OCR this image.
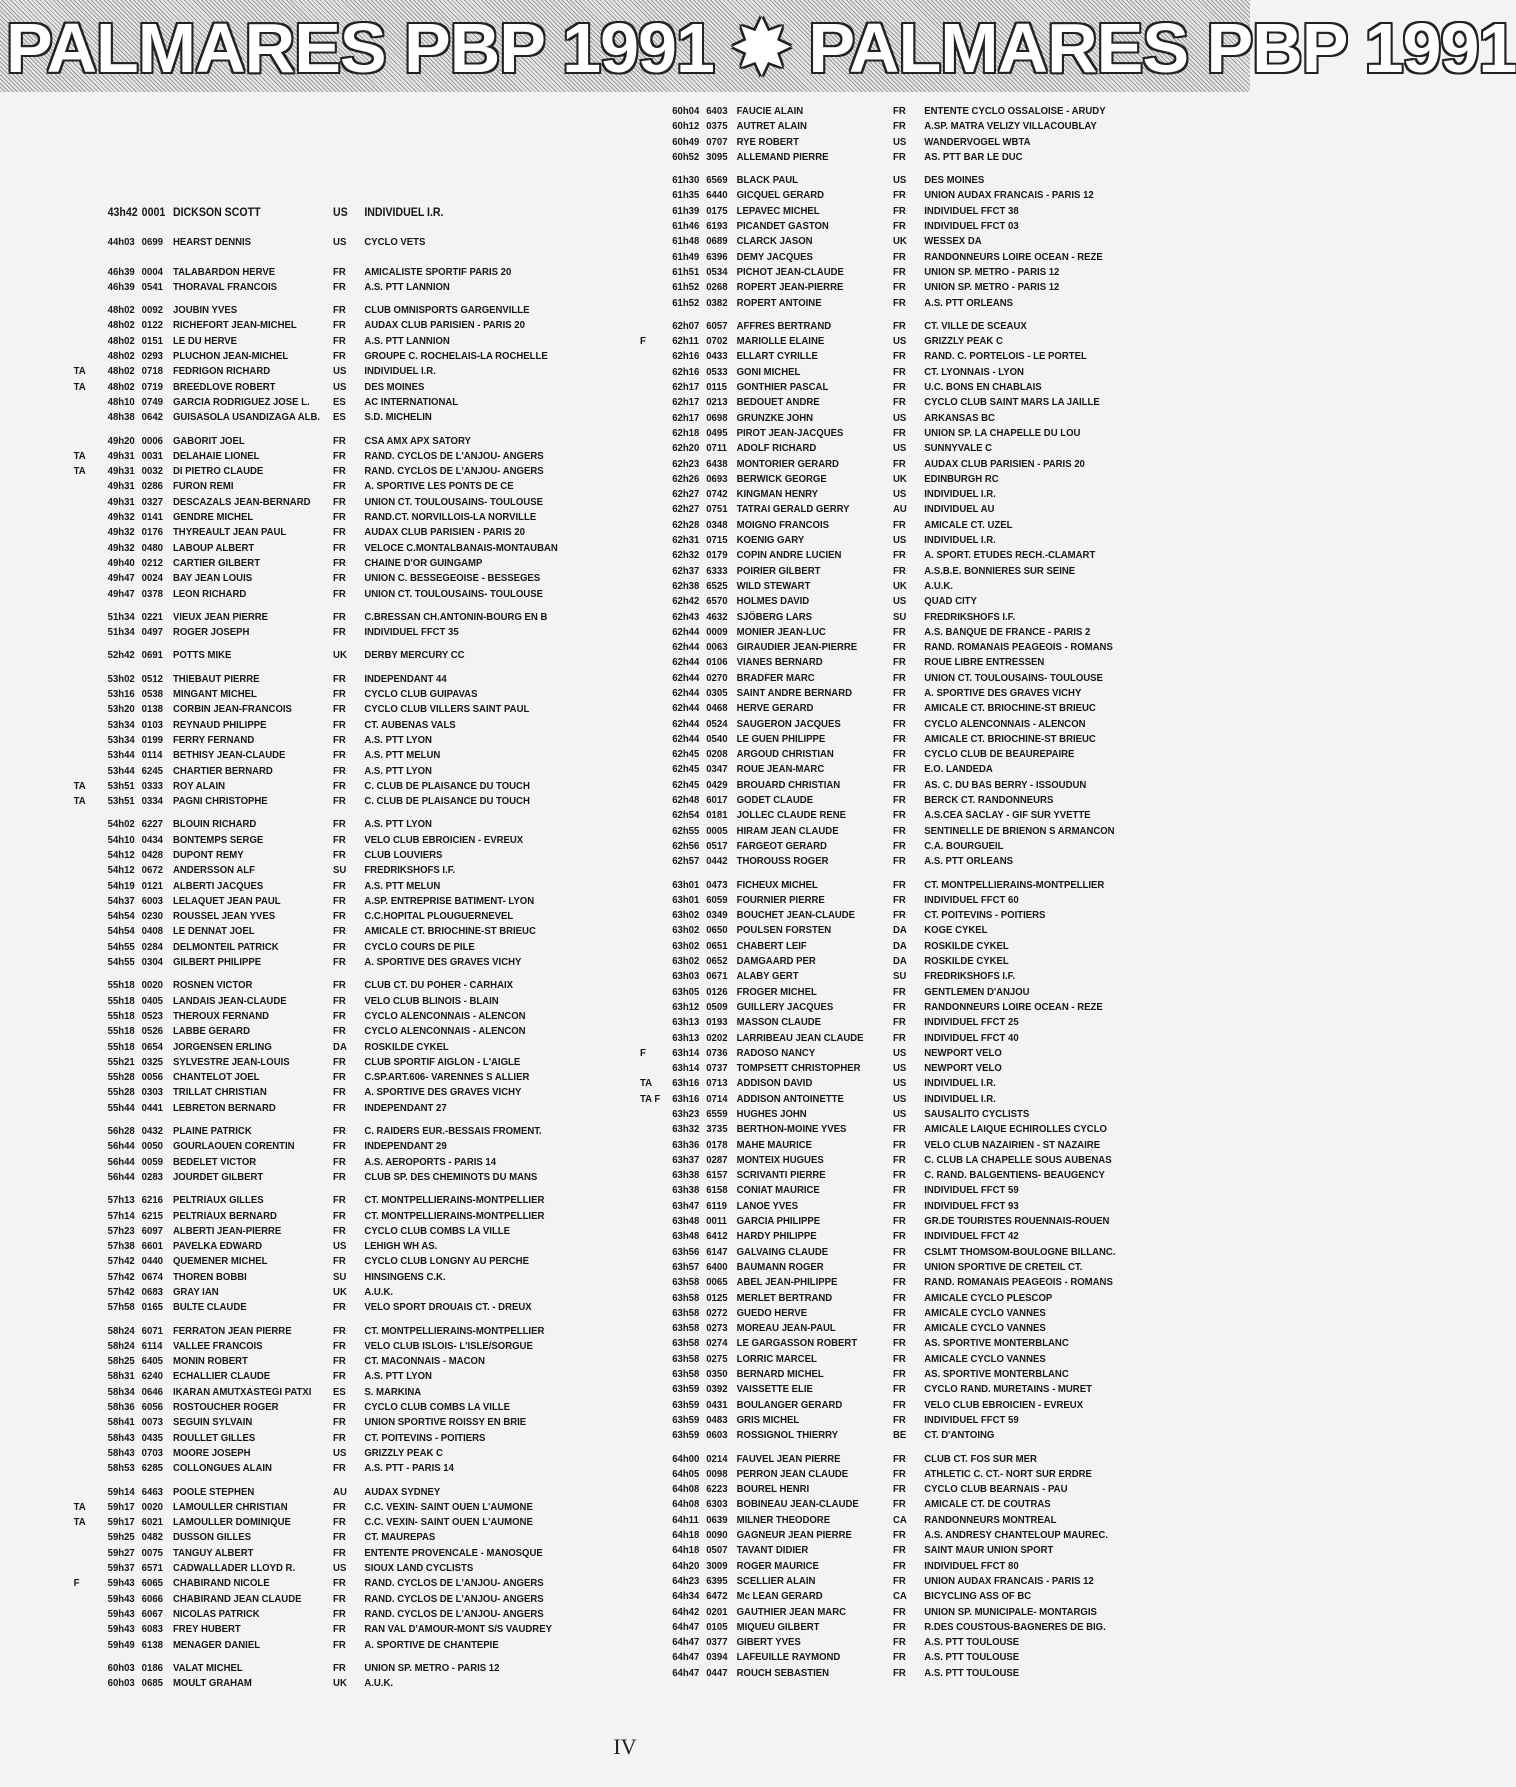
PALMARES PBP 1991 ✸ PALMARES PBP 1991
43h42 0001 DICKSON SCOTT	US INDIVIDUEL I.R.
44h03 0699 HEARST DENNIS	US CYCLO VETS
46h39 0004 TALABARDON HERVE	FR AMICALISTE SPORTIF PARIS 20
46h39 0541 THORAVAL FRANCOIS	FR A.S. PTT LANNION
48h02 0092 JOUBIN YVES	FR CLUB OMNISPORTS GARGENVILLE
48h02 0122 RICHEFORT JEAN-MICHEL	FR AUDAX CLUB PARISIEN - PARIS 20
48h02 0151 LE DU HERVE	FR A.S. PTT LANNION
48h02 0293 PLUCHON JEAN-MICHEL	FR GROUPE C. ROCHELAIS-LA ROCHELLE
TA 48h02 0718 FEDRIGON RICHARD	US INDIVIDUEL I.R.
TA 48h02 0719 BREEDLOVE ROBERT	US DES MOINES
48h10 0749 GARCIA RODRIGUEZ JOSE L. ES AC INTERNATIONAL
48h38 0642 GUISASOLA USANDIZAGA ALB. ES S.D. MICHELIN
49h20 0006 GABORIT JOEL	FR CSA AMX APX SATORY
TA 49h31 0031 DELAHAIE LIONEL	FR RAND. CYCLOS DE L'ANJOU- ANGERS
TA 49h31 0032 DI PIETRO CLAUDE	FR RAND. CYCLOS DE L'ANJOU- ANGERS
49h31 0286 FURON REMI	FR A. SPORTIVE LES PONTS DE CE
49h31 0327 DESCAZALS JEAN-BERNARD FR UNION CT. TOULOUSAINS- TOULOUSE
49h32 0141 GENDRE MICHEL	FR RAND.CT. NORVILLOIS-LA NORVILLE
49h32 0176 THYREAULT JEAN PAUL	FR AUDAX CLUB PARISIEN - PARIS 20
49h32 0480 LABOUP ALBERT	FR VELOCE C.MONTALBANAIS-MONTAUBAN
49h40 0212 CARTIER GILBERT	FR CHAINE D'OR GUINGAMP
49h47 0024 BAY JEAN LOUIS	FR UNION C. BESSEGEOISE - BESSEGES
49h47 0378 LEON RICHARD	FR UNION CT. TOULOUSAINS- TOULOUSE
51h34 0221 VIEUX JEAN PIERRE	FR C.BRESSAN CH.ANTONIN-BOURG EN B
51h34 0497 ROGER JOSEPH	FR INDIVIDUEL FFCT 35
52h42 0691 POTTS MIKE	UK DERBY MERCURY CC
53h02 0512 THIEBAUT PIERRE	FR INDEPENDANT 44
53h16 0538 MINGANT MICHEL	FR CYCLO CLUB GUIPAVAS
53h20 0138 CORBIN JEAN-FRANCOIS	FR CYCLO CLUB VILLERS SAINT PAUL
53h34 0103 REYNAUD PHILIPPE	FR CT. AUBENAS VALS
53h34 0199 FERRY FERNAND	FR A.S. PTT LYON
53h44 0114 BETHISY JEAN-CLAUDE	FR A.S. PTT MELUN
53h44 6245 CHARTIER BERNARD	FR A.S. PTT LYON
TA 53h51 0333 ROY ALAIN	FR C. CLUB DE PLAISANCE DU TOUCH
TA 53h51 0334 PAGNI CHRISTOPHE	FR C. CLUB DE PLAISANCE DU TOUCH
54h02 6227 BLOUIN RICHARD	FR A.S. PTT LYON
54h10 0434 BONTEMPS SERGE	FR VELO CLUB EBROICIEN - EVREUX
54h12 0428 DUPONT REMY	FR CLUB LOUVIERS
54h12 0672 ANDERSSON ALF	SU FREDRIKSHOFS I.F.
54h19 0121 ALBERTI JACQUES	FR A.S. PTT MELUN
54h37 6003 LELAQUET JEAN PAUL	FR A.SP. ENTREPRISE BATIMENT- LYON
54h54 0230 ROUSSEL JEAN YVES	FR C.C.HOPITAL PLOUGUERNEVEL
54h54 0408 LE DENNAT JOEL	FR AMICALE CT. BRIOCHINE-ST BRIEUC
54h55 0284 DELMONTEIL PATRICK	FR CYCLO COURS DE PILE
54h55 0304 GILBERT PHILIPPE	FR A. SPORTIVE DES GRAVES VICHY
55h18 0020 ROSNEN VICTOR	FR CLUB CT. DU POHER - CARHAIX
55h18 0405 LANDAIS JEAN-CLAUDE	FR VELO CLUB BLINOIS - BLAIN
55h18 0523 THEROUX FERNAND	FR CYCLO ALENCONNAIS - ALENCON
55h18 0526 LABBE GERARD	FR CYCLO ALENCONNAIS - ALENCON
55h18 0654 JORGENSEN ERLING	DA ROSKILDE CYKEL
55h21 0325 SYLVESTRE JEAN-LOUIS	FR CLUB SPORTIF AIGLON - L'AIGLE
55h28 0056 CHANTELOT JOEL	FR C.SP.ART.606- VARENNES S ALLIER
55h28 0303 TRILLAT CHRISTIAN	FR A. SPORTIVE DES GRAVES VICHY
55h44 0441 LEBRETON BERNARD	FR INDEPENDANT 27
56h28 0432 PLAINE PATRICK	FR C. RAIDERS EUR.-BESSAIS FROMENT.
56h44 0050 GOURLAOUEN CORENTIN	FR INDEPENDANT 29
56h44 0059 BEDELET VICTOR	FR A.S. AEROPORTS - PARIS 14
56h44 0283 JOURDET GILBERT	FR CLUB SP. DES CHEMINOTS DU MANS
57h13 6216 PELTRIAUX GILLES	FR CT. MONTPELLIERAINS-MONTPELLIER
57h14 6215 PELTRIAUX BERNARD	FR CT. MONTPELLIERAINS-MONTPELLIER
57h23 6097 ALBERTI JEAN-PIERRE	FR CYCLO CLUB COMBS LA VILLE
57h38 6601 PAVELKA EDWARD	US LEHIGH WH AS.
57h42 0440 QUEMENER MICHEL	FR CYCLO CLUB LONGNY AU PERCHE
57h42 0674 THOREN BOBBI	SU HINSINGENS C.K.
57h42 0683 GRAY IAN	UK A.U.K.
57h58 0165 BULTE CLAUDE	FR VELO SPORT DROUAIS CT. - DREUX
58h24 6071 FERRATON JEAN PIERRE	FR CT. MONTPELLIERAINS-MONTPELLIER
58h24 6114 VALLEE FRANCOIS	FR VELO CLUB ISLOIS- L'ISLE/SORGUE
58h25 6405 MONIN ROBERT	FR CT. MACONNAIS - MACON
58h31 6240 ECHALLIER CLAUDE	FR A.S. PTT LYON
58h34 0646 IKARAN AMUTXASTEGI PATXI ES S. MARKINA
58h36 6056 ROSTOUCHER ROGER	FR CYCLO CLUB COMBS LA VILLE
58h41 0073 SEGUIN SYLVAIN	FR UNION SPORTIVE ROISSY EN BRIE
58h43 0435 ROULLET GILLES	FR CT. POITEVINS - POITIERS
58h43 0703 MOORE JOSEPH	US GRIZZLY PEAK C
58h53 6285 COLLONGUES ALAIN	FR A.S. PTT - PARIS 14
59h14 6463 POOLE STEPHEN	AU AUDAX SYDNEY
TA 59h17 0020 LAMOULLER CHRISTIAN	FR C.C. VEXIN- SAINT OUEN L'AUMONE
TA 59h17 6021 LAMOULLER DOMINIQUE	FR C.C. VEXIN- SAINT OUEN L'AUMONE
59h25 0482 DUSSON GILLES	FR CT. MAUREPAS
59h27 0075 TANGUY ALBERT	FR ENTENTE PROVENCALE - MANOSQUE
59h37 6571 CADWALLADER LLOYD R.	US SIOUX LAND CYCLISTS
F	59h43 6065 CHABIRAND NICOLE	FR RAND. CYCLOS DE L'ANJOU- ANGERS
59h43 6066 CHABIRAND JEAN CLAUDE	FR RAND. CYCLOS DE L'ANJOU- ANGERS
59h43 6067 NICOLAS PATRICK	FR RAND. CYCLOS DE L'ANJOU- ANGERS
59h43 6083 FREY HUBERT	FR RAN VAL D'AMOUR-MONT S/S VAUDREY
59h49 6138 MENAGER DANIEL	FR A. SPORTIVE DE CHANTEPIE
60h03 0186 VALAT MICHEL	FR UNION SP. METRO - PARIS 12
60h03 0685 MOULT GRAHAM	UK A.U.K.
60h04 6403 FAUCIE ALAIN	FR ENTENTE CYCLO OSSALOISE - ARUDY
60h12 0375 AUTRET ALAIN	FR A.SP. MATRA VELIZY VILLACOUBLAY
60h49 0707 RYE ROBERT	US WANDERVOGEL WBTA
60h52 3095 ALLEMAND PIERRE	FR AS. PTT BAR LE DUC
61h30 6569 BLACK PAUL	US DES MOINES
61h35 6440 GICQUEL GERARD	FR UNION AUDAX FRANCAIS - PARIS 12
61h39 0175 LEPAVEC MICHEL	FR INDIVIDUEL FFCT 38
61h46 6193 PICANDET GASTON	FR INDIVIDUEL FFCT 03
61h48 0689 CLARCK JASON	UK WESSEX DA
61h49 6396 DEMY JACQUES	FR RANDONNEURS LOIRE OCEAN - REZE
61h51 0534 PICHOT JEAN-CLAUDE	FR UNION SP. METRO - PARIS 12
61h52 0268 ROPERT JEAN-PIERRE	FR UNION SP. METRO - PARIS 12
61h52 0382 ROPERT ANTOINE	FR A.S. PTT ORLEANS
62h07 6057 AFFRES BERTRAND	FR CT. VILLE DE SCEAUX
F	62h11 0702 MARIOLLE ELAINE	US GRIZZLY PEAK C
62h16 0433 ELLART CYRILLE	FR RAND. C. PORTELOIS - LE PORTEL
62h16 0533 GONI MICHEL	FR CT. LYONNAIS - LYON
62h17 0115 GONTHIER PASCAL	FR U.C. BONS EN CHABLAIS
62h17 0213 BEDOUET ANDRE	FR CYCLO CLUB SAINT MARS LA JAILLE
62h17 0698 GRUNZKE JOHN	US ARKANSAS BC
62h18 0495 PIROT JEAN-JACQUES	FR UNION SP. LA CHAPELLE DU LOU
62h20 0711 ADOLF RICHARD	US SUNNYVALE C
62h23 6438 MONTORIER GERARD	FR AUDAX CLUB PARISIEN - PARIS 20
62h26 0693 BERWICK GEORGE	UK EDINBURGH RC
62h27 0742 KINGMAN HENRY	US INDIVIDUEL I.R.
62h27 0751 TATRAI GERALD GERRY	AU INDIVIDUEL AU
62h28 0348 MOIGNO FRANCOIS	FR AMICALE CT. UZEL
62h31 0715 KOENIG GARY	US INDIVIDUEL I.R.
62h32 0179 COPIN ANDRE LUCIEN	FR A. SPORT. ETUDES RECH.-CLAMART
62h37 6333 POIRIER GILBERT	FR A.S.B.E. BONNIERES SUR SEINE
62h38 6525 WILD STEWART	UK A.U.K.
62h42 6570 HOLMES DAVID	US QUAD CITY
62h43 4632 SJÖBERG LARS	SU FREDRIKSHOFS I.F.
62h44 0009 MONIER JEAN-LUC	FR A.S. BANQUE DE FRANCE - PARIS 2
62h44 0063 GIRAUDIER JEAN-PIERRE	FR RAND. ROMANAIS PEAGEOIS - ROMANS
62h44 0106 VIANES BERNARD	FR ROUE LIBRE ENTRESSEN
62h44 0270 BRADFER MARC	FR UNION CT. TOULOUSAINS- TOULOUSE
62h44 0305 SAINT ANDRE BERNARD	FR A. SPORTIVE DES GRAVES VICHY
62h44 0468 HERVE GERARD	FR AMICALE CT. BRIOCHINE-ST BRIEUC
62h44 0524 SAUGERON JACQUES	FR CYCLO ALENCONNAIS - ALENCON
62h44 0540 LE GUEN PHILIPPE	FR AMICALE CT. BRIOCHINE-ST BRIEUC
62h45 0208 ARGOUD CHRISTIAN	FR CYCLO CLUB DE BEAUREPAIRE
62h45 0347 ROUE JEAN-MARC	FR E.O. LANDEDA
62h45 0429 BROUARD CHRISTIAN	FR AS. C. DU BAS BERRY - ISSOUDUN
62h48 6017 GODET CLAUDE	FR BERCK CT. RANDONNEURS
62h54 0181 JOLLEC CLAUDE RENE	FR A.S.CEA SACLAY - GIF SUR YVETTE
62h55 0005 HIRAM JEAN CLAUDE	FR SENTINELLE DE BRIENON S ARMANCON
62h56 0517 FARGEOT GERARD	FR C.A. BOURGUEIL
62h57 0442 THOROUSS ROGER	FR A.S. PTT ORLEANS
63h01 0473 FICHEUX MICHEL	FR CT. MONTPELLIERAINS-MONTPELLIER
63h01 6059 FOURNIER PIERRE	FR INDIVIDUEL FFCT 60
63h02 0349 BOUCHET JEAN-CLAUDE	FR CT. POITEVINS - POITIERS
63h02 0650 POULSEN FORSTEN	DA KOGE CYKEL
63h02 0651 CHABERT LEIF	DA ROSKILDE CYKEL
63h02 0652 DAMGAARD PER	DA ROSKILDE CYKEL
63h03 0671 ALABY GERT	SU FREDRIKSHOFS I.F.
63h05 0126 FROGER MICHEL	FR GENTLEMEN D'ANJOU
63h12 0509 GUILLERY JACQUES	FR RANDONNEURS LOIRE OCEAN - REZE
63h13 0193 MASSON CLAUDE	FR INDIVIDUEL FFCT 25
63h13 0202 LARRIBEAU JEAN CLAUDE	FR INDIVIDUEL FFCT 40
F	63h14 0736 RADOSO NANCY	US NEWPORT VELO
63h14 0737 TOMPSETT CHRISTOPHER	US NEWPORT VELO
TA 63h16 0713 ADDISON DAVID	US INDIVIDUEL I.R.
TA F 63h16 0714 ADDISON ANTOINETTE	US INDIVIDUEL I.R.
63h23 6559 HUGHES JOHN	US SAUSALITO CYCLISTS
63h32 3735 BERTHON-MOINE YVES	FR AMICALE LAIQUE ECHIROLLES CYCLO
63h36 0178 MAHE MAURICE	FR VELO CLUB NAZAIRIEN - ST NAZAIRE
63h37 0287 MONTEIX HUGUES	FR C. CLUB LA CHAPELLE SOUS AUBENAS
63h38 6157 SCRIVANTI PIERRE	FR C. RAND. BALGENTIENS- BEAUGENCY
63h38 6158 CONIAT MAURICE	FR INDIVIDUEL FFCT 59
63h47 6119 LANOE YVES	FR INDIVIDUEL FFCT 93
63h48 0011 GARCIA PHILIPPE	FR GR.DE TOURISTES ROUENNAIS-ROUEN
63h48 6412 HARDY PHILIPPE	FR INDIVIDUEL FFCT 42
63h56 6147 GALVAING CLAUDE	FR CSLMT THOMSOM-BOULOGNE BILLANC.
63h57 6400 BAUMANN ROGER	FR UNION SPORTIVE DE CRETEIL CT.
63h58 0065 ABEL JEAN-PHILIPPE	FR RAND. ROMANAIS PEAGEOIS - ROMANS
63h58 0125 MERLET BERTRAND	FR AMICALE CYCLO PLESCOP
63h58 0272 GUEDO HERVE	FR AMICALE CYCLO VANNES
63h58 0273 MOREAU JEAN-PAUL	FR AMICALE CYCLO VANNES
63h58 0274 LE GARGASSON ROBERT	FR AS. SPORTIVE MONTERBLANC
63h58 0275 LORRIC MARCEL	FR AMICALE CYCLO VANNES
63h58 0350 BERNARD MICHEL	FR AS. SPORTIVE MONTERBLANC
63h59 0392 VAISSETTE ELIE	FR CYCLO RAND. MURETAINS - MURET
63h59 0431 BOULANGER GERARD	FR VELO CLUB EBROICIEN - EVREUX
63h59 0483 GRIS MICHEL	FR INDIVIDUEL FFCT 59
63h59 0603 ROSSIGNOL THIERRY	BE CT. D'ANTOING
64h00 0214 FAUVEL JEAN PIERRE	FR CLUB CT. FOS SUR MER
64h05 0098 PERRON JEAN CLAUDE	FR ATHLETIC C. CT.- NORT SUR ERDRE
64h08 6223 BOUREL HENRI	FR CYCLO CLUB BEARNAIS - PAU
64h08 6303 BOBINEAU JEAN-CLAUDE	FR AMICALE CT. DE COUTRAS
64h11 0639 MILNER THEODORE	CA RANDONNEURS MONTREAL
64h18 0090 GAGNEUR JEAN PIERRE	FR A.S. ANDRESY CHANTELOUP MAUREC.
64h18 0507 TAVANT DIDIER	FR SAINT MAUR UNION SPORT
64h20 3009 ROGER MAURICE	FR INDIVIDUEL FFCT 80
64h23 6395 SCELLIER ALAIN	FR UNION AUDAX FRANCAIS - PARIS 12
64h34 6472 Mc LEAN GERARD	CA BICYCLING ASS OF BC
64h42 0201 GAUTHIER JEAN MARC	FR UNION SP. MUNICIPALE- MONTARGIS
64h47 0105 MIQUEU GILBERT	FR R.DES COUSTOUS-BAGNERES DE BIG.
64h47 0377 GIBERT YVES	FR A.S. PTT TOULOUSE
64h47 0394 LAFEUILLE RAYMOND	FR A.S. PTT TOULOUSE
64h47 0447 ROUCH SEBASTIEN	FR A.S. PTT TOULOUSE
IV
